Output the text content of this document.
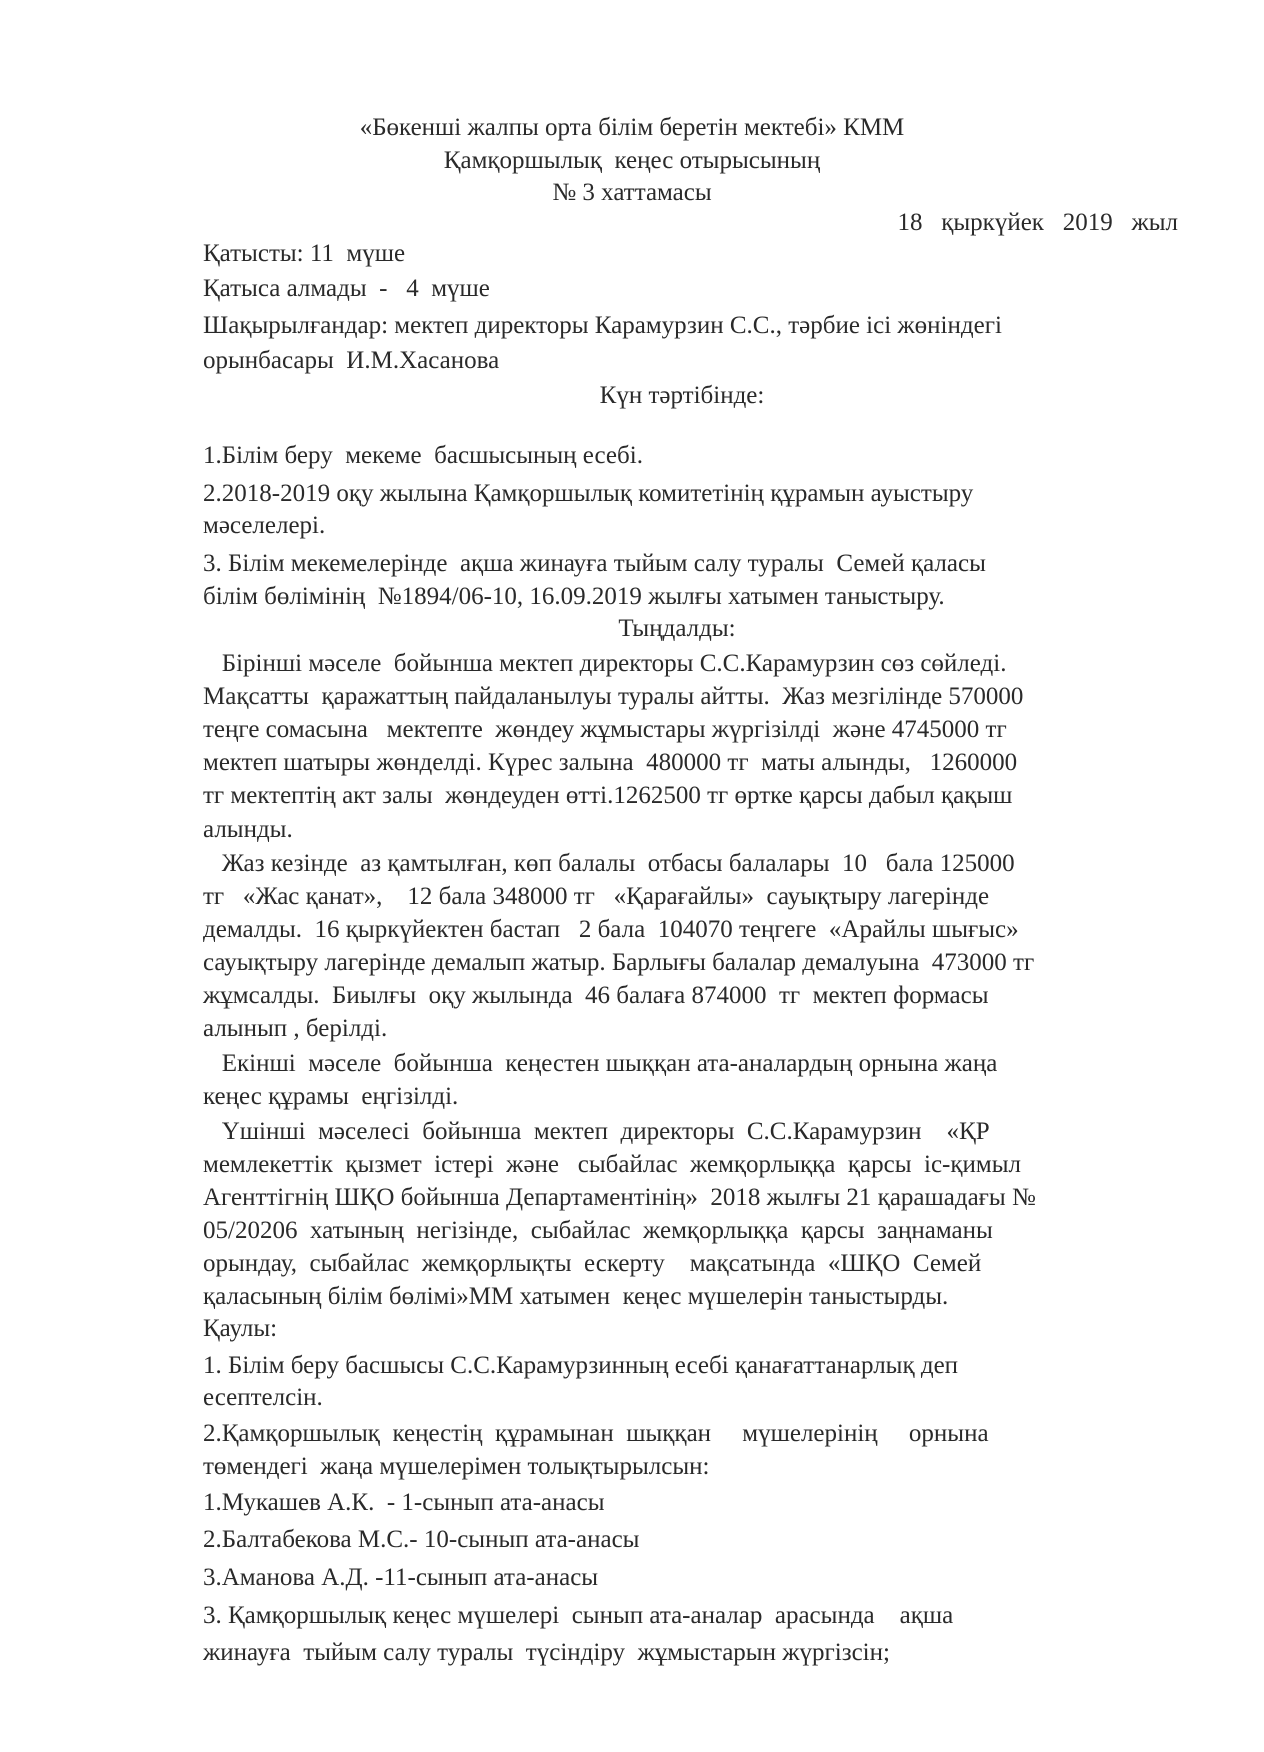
«Бөкенші жалпы орта білім беретін мектебі» КММ

Қамқоршылық  кеңес отырысының

№ 3 хаттамасы

18   қыркүйек   2019   жыл

Қатысты: 11  мүше

Қатыса алмады  -   4  мүше

Шақырылғандар: мектеп директоры Карамурзин С.С., тәрбие ісі жөніндегі

орынбасары  И.М.Хасанова

Күн тәртібінде:

1.Білім беру  мекеме  басшысының есебі.

2.2018-2019 оқу жылына Қамқоршылық комитетінің құрамын ауыстыру

мәселелері.

3. Білім мекемелерінде  ақша жинауға тыйым салу туралы  Семей қаласы

білім бөлімінің  №1894/06-10, 16.09.2019 жылғы хатымен таныстыру.

Тыңдалды:

Бірінші мәселе  бойынша мектеп директоры С.С.Карамурзин сөз сөйледі.

Мақсатты  қаражаттың пайдаланылуы туралы айтты.  Жаз мезгілінде 570000

теңге сомасына   мектепте  жөндеу жұмыстары жүргізілді  және 4745000 тг

мектеп шатыры жөнделді. Күрес залына  480000 тг  маты алынды,   1260000

тг мектептің акт залы  жөндеуден өтті.1262500 тг өртке қарсы дабыл қақыш

алынды.

Жаз кезінде  аз қамтылған, көп балалы  отбасы балалары  10   бала 125000

тг   «Жас қанат»,    12 бала 348000 тг   «Қарағайлы»  сауықтыру лагерінде

демалды.  16 қыркүйектен бастап   2 бала  104070 теңгеге  «Арайлы шығыс»

сауықтыру лагерінде демалып жатыр. Барлығы балалар демалуына  473000 тг

жұмсалды.  Биылғы  оқу жылында  46 балаға 874000  тг  мектеп формасы

алынып , берілді.

Екінші  мәселе  бойынша  кеңестен шыққан ата-аналардың орнына жаңа

кеңес құрамы  еңгізілді.

Үшінші  мәселесі  бойынша  мектеп  директоры  С.С.Карамурзин    «ҚР

мемлекеттік  қызмет  істері  және   сыбайлас  жемқорлыққа  қарсы  іс-қимыл

Агенттігнің ШҚО бойынша Департаментінің»  2018 жылғы 21 қарашадағы №

05/20206  хатының  негізінде,  сыбайлас  жемқорлыққа  қарсы  заңнаманы

орындау,  сыбайлас  жемқорлықты  ескерту    мақсатында  «ШҚО  Семей

қаласының білім бөлімі»ММ хатымен  кеңес мүшелерін таныстырды.

Қаулы:

1. Білім беру басшысы С.С.Карамурзинның есебі қанағаттанарлық деп

есептелсін.

2.Қамқоршылық  кеңестің  құрамынан  шыққан     мүшелерінің     орнына

төмендегі  жаңа мүшелерімен толықтырылсын:

1.Мукашев А.К.  - 1-сынып ата-анасы

2.Балтабекова М.С.- 10-сынып ата-анасы

3.Аманова А.Д. -11-сынып ата-анасы

3. Қамқоршылық кеңес мүшелері  сынып ата-аналар  арасында    ақша

жинауға  тыйым салу туралы  түсіндіру  жұмыстарын жүргізсін;
